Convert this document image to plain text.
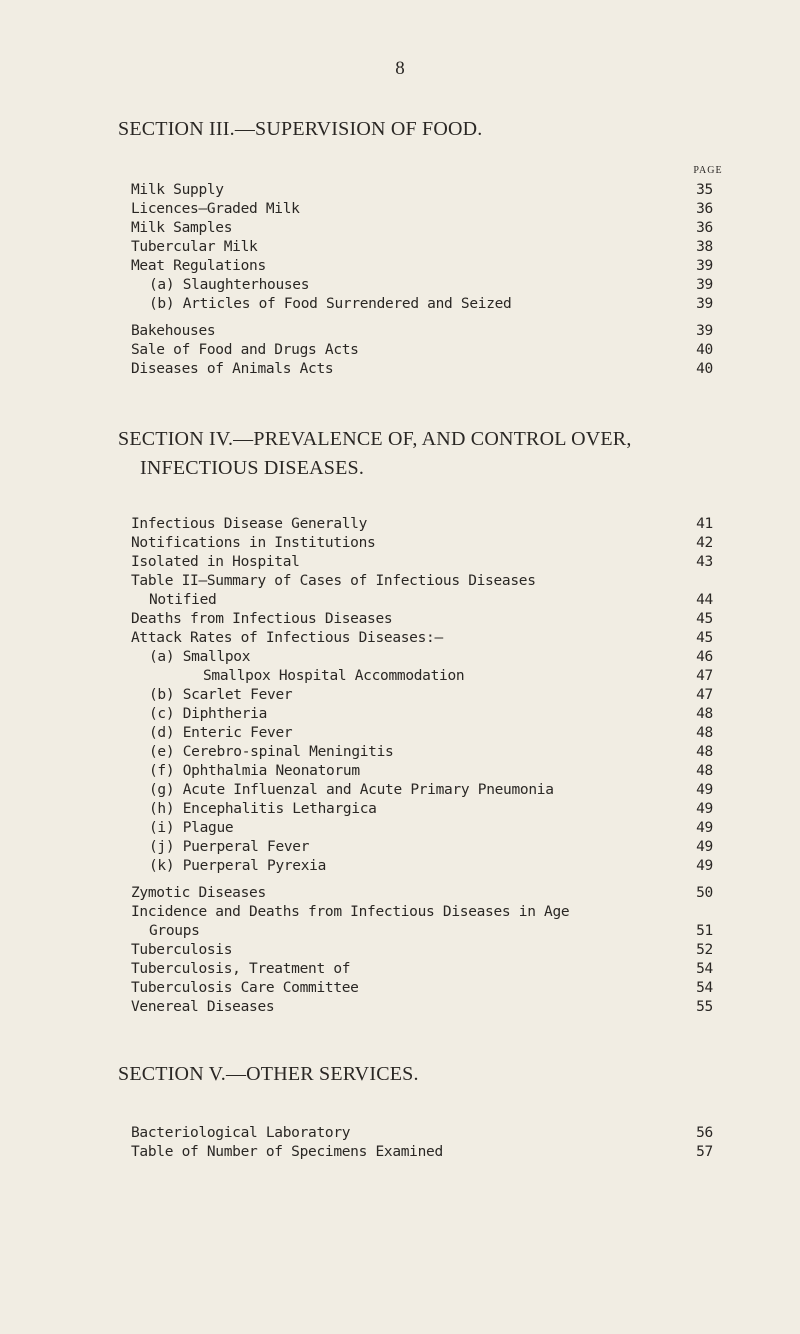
8
SECTION III.—SUPERVISION OF FOOD.
PAGE
Milk Supply	35
Licences—Graded Milk	36
Milk Samples	36
Tubercular Milk	38
Meat Regulations	39
(a) Slaughterhouses	39
(b) Articles of Food Surrendered and Seized	39
Bakehouses	39
Sale of Food and Drugs Acts	40
Diseases of Animals Acts	40
SECTION IV.—PREVALENCE OF, AND CONTROL OVER,
INFECTIOUS DISEASES.
Infectious Disease Generally	41
Notifications in Institutions	42
Isolated in Hospital	43
Table II—Summary of Cases of Infectious Diseases
Notified	44
Deaths from Infectious Diseases	45
Attack Rates of Infectious Diseases:—	45
(a) Smallpox	46
Smallpox Hospital Accommodation	47
(b) Scarlet Fever	47
(c) Diphtheria	48
(d) Enteric Fever	48
(e) Cerebro-spinal Meningitis	48
(f) Ophthalmia Neonatorum	48
(g) Acute Influenzal and Acute Primary Pneumonia	49
(h) Encephalitis Lethargica	49
(i) Plague	49
(j) Puerperal Fever	49
(k) Puerperal Pyrexia	49
Zymotic Diseases	50
Incidence and Deaths from Infectious Diseases in Age
Groups	51
Tuberculosis	52
Tuberculosis, Treatment of	54
Tuberculosis Care Committee	54
Venereal Diseases	55
SECTION V.—OTHER SERVICES.
Bacteriological Laboratory	56
Table of Number of Specimens Examined	57
